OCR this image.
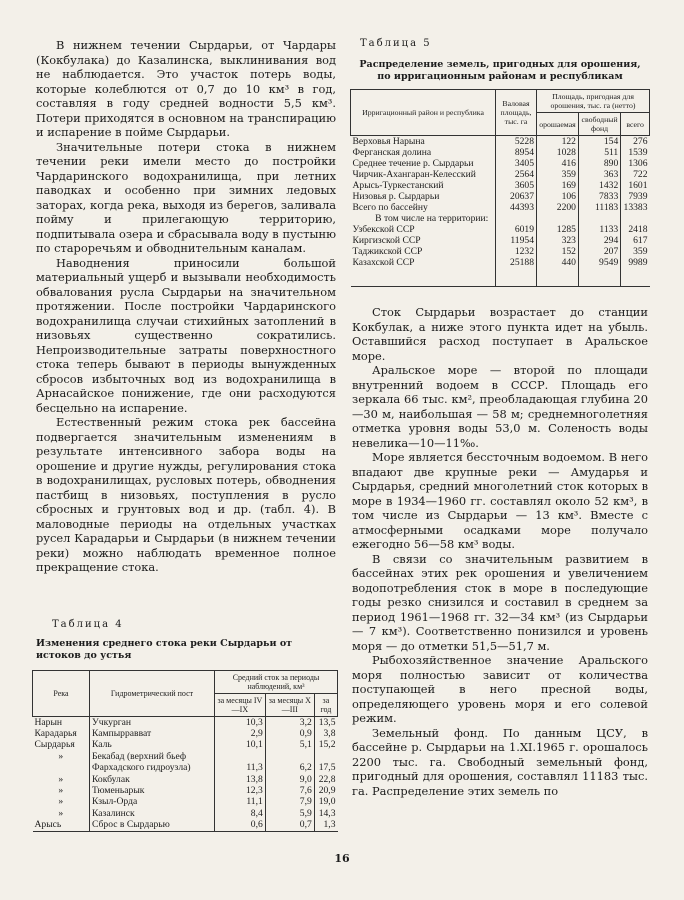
В нижнем течении Сырдарьи, от Чардары (Кокбулака) до Казалинска, выклинивания вод не наблюдается. Это участок потерь воды, которые колеблются от 0,7 до 10 км³ в год, составляя в году средней водности 5,5 км³. Потери приходятся в основном на транспирацию и испарение в пойме Сырдарьи.

Значительные потери стока в нижнем течении реки имели место до постройки Чардаринского водохранилища, при летних паводках и особенно при зимних ледовых заторах, когда река, выходя из берегов, заливала пойму и прилегающую территорию, подпитывала озера и сбрасывала воду в пустыню по староречьям и обводнительным каналам.

Наводнения приносили большой материальный ущерб и вызывали необходимость обвалования русла Сырдарьи на значительном протяжении. После постройки Чардаринского водохранилища случаи стихийных затоплений в низовьях существенно сократились. Непроизводительные затраты поверхностного стока теперь бывают в периоды вынужденных сбросов избыточных вод из водохранилища в Арнасайское понижение, где они расходуются бесцельно на испарение.

Естественный режим стока рек бассейна подвергается значительным изменениям в результате интенсивного забора воды на орошение и другие нужды, регулирования стока в водохранилищах, русловых потерь, обводнения пастбищ в низовьях, поступления в русло сбросных и грунтовых вод и др. (табл. 4). В маловодные периоды на отдельных участках русел Карадарьи и Сырдарьи (в нижнем течении реки) можно наблюдать временное полное прекращение стока.

Таблица 4

Изменения среднего стока реки Сырдарьи от истоков до устья

Река	Гидрометрический пост	Средний сток за периоды наблюдений, км³		
		за месяцы IV—IX	за месяцы X—III	за год
Нарын	Учкурган	10,3	3,2	13,5
Карадарья	Кампырравват	2,9	0,9	3,8
Сырдарья	Каль	10,1	5,1	15,2
»	Бекабад (верхний бьеф Фархадского гидроузла)	11,3	6,2	17,5
»	Кокбулак	13,8	9,0	22,8
»	Тюменьарык	12,3	7,6	20,9
»	Кзыл-Орда	11,1	7,9	19,0
»	Казалинск	8,4	5,9	14,3
Арысь	Сброс в Сырдарью	0,6	0,7	1,3

Таблица 5

Распределение земель, пригодных для орошения, по ирригационным районам и республикам

Ирригационный район и республика	Валовая площадь, тыс. га	Площадь, пригодная для орошения, тыс. га (нетто)		
		орошаемая	свободный фонд	всего
Верховья Нарына	5228	122	154	276
Ферганская долина	8954	1028	511	1539
Среднее течение р. Сырдарьи	3405	416	890	1306
Чирчик-Ахангаран-Келесский	2564	359	363	722
Арысь-Туркестанский	3605	169	1432	1601
Низовья р. Сырдарьи	20637	106	7833	7939
Всего по бассейну	44393	2200	11183	13383
В том числе на территории:				
Узбекской ССР	6019	1285	1133	2418
Киргизской ССР	11954	323	294	617
Таджикской ССР	1232	152	207	359
Казахской ССР	25188	440	9549	9989

Сток Сырдарьи возрастает до станции Кокбулак, а ниже этого пункта идет на убыль. Оставшийся расход поступает в Аральское море.

Аральское море — второй по площади внутренний водоем в СССР. Площадь его зеркала 66 тыс. км², преобладающая глубина 20—30 м, наибольшая — 58 м; среднемноголетняя отметка уровня воды 53,0 м. Соленость воды невелика—10—11‰.

Море является бессточным водоемом. В него впадают две крупные реки — Амударья и Сырдарья, средний многолетний сток которых в море в 1934—1960 гг. составлял около 52 км³, в том числе из Сырдарьи — 13 км³. Вместе с атмосферными осадками море получало ежегодно 56—58 км³ воды.

В связи со значительным развитием в бассейнах этих рек орошения и увеличением водопотребления сток в море в последующие годы резко снизился и составил в среднем за период 1961—1968 гг. 32—34 км³ (из Сырдарьи — 7 км³). Соответственно понизился и уровень моря — до отметки 51,5—51,7 м.

Рыбохозяйственное значение Аральского моря полностью зависит от количества поступающей в него пресной воды, определяющего уровень моря и его солевой режим.

Земельный фонд. По данным ЦСУ, в бассейне р. Сырдарьи на 1.XI.1965 г. орошалось 2200 тыс. га. Свободный земельный фонд, пригодный для орошения, составлял 11183 тыс. га. Распределение этих земель по

16
